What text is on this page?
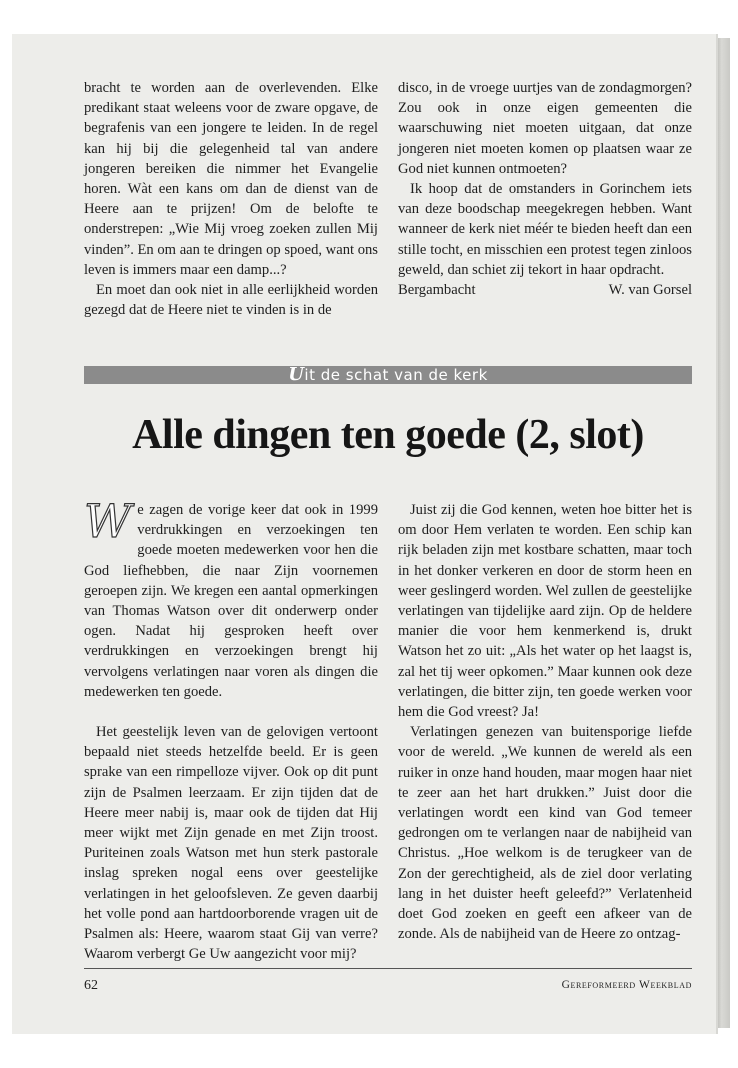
bracht te worden aan de overlevenden. Elke predikant staat weleens voor de zware opgave, de begrafenis van een jongere te leiden. In de regel kan hij bij die gelegenheid tal van andere jongeren bereiken die nimmer het Evangelie horen. Wàt een kans om dan de dienst van de Heere aan te prijzen! Om de belofte te onderstrepen: „Wie Mij vroeg zoeken zullen Mij vinden”. En om aan te dringen op spoed, want ons leven is immers maar een damp...?

En moet dan ook niet in alle eerlijkheid worden gezegd dat de Heere niet te vinden is in de

disco, in de vroege uurtjes van de zondagmorgen? Zou ook in onze eigen gemeenten die waarschuwing niet moeten uitgaan, dat onze jongeren niet moeten komen op plaatsen waar ze God niet kunnen ontmoeten?

Ik hoop dat de omstanders in Gorinchem iets van deze boodschap meegekregen hebben. Want wanneer de kerk niet méér te bieden heeft dan een stille tocht, en misschien een protest tegen zinloos geweld, dan schiet zij tekort in haar opdracht.

Bergambacht	W. van Gorsel
Uit de schat van de kerk
Alle dingen ten goede (2, slot)

We zagen de vorige keer dat ook in 1999 verdrukkingen en verzoekingen ten goede moeten medewerken voor hen die God liefhebben, die naar Zijn voornemen geroepen zijn. We kregen een aantal opmerkingen van Thomas Watson over dit onderwerp onder ogen. Nadat hij gesproken heeft over verdrukkingen en verzoekingen brengt hij vervolgens verlatingen naar voren als dingen die medewerken ten goede.

Het geestelijk leven van de gelovigen vertoont bepaald niet steeds hetzelfde beeld. Er is geen sprake van een rimpelloze vijver. Ook op dit punt zijn de Psalmen leerzaam. Er zijn tijden dat de Heere meer nabij is, maar ook de tijden dat Hij meer wijkt met Zijn genade en met Zijn troost. Puriteinen zoals Watson met hun sterk pastorale inslag spreken nogal eens over geestelijke verlatingen in het geloofsleven. Ze geven daarbij het volle pond aan hartdoorborende vragen uit de Psalmen als: Heere, waarom staat Gij van verre? Waarom verbergt Ge Uw aangezicht voor mij?

Juist zij die God kennen, weten hoe bitter het is om door Hem verlaten te worden. Een schip kan rijk beladen zijn met kostbare schatten, maar toch in het donker verkeren en door de storm heen en weer geslingerd worden. Wel zullen de geestelijke verlatingen van tijdelijke aard zijn. Op de heldere manier die voor hem kenmerkend is, drukt Watson het zo uit: „Als het water op het laagst is, zal het tij weer opkomen.” Maar kunnen ook deze verlatingen, die bitter zijn, ten goede werken voor hem die God vreest? Ja!

Verlatingen genezen van buitensporige liefde voor de wereld. „We kunnen de wereld als een ruiker in onze hand houden, maar mogen haar niet te zeer aan het hart drukken.” Juist door die verlatingen wordt een kind van God temeer gedrongen om te verlangen naar de nabijheid van Christus. „Hoe welkom is de terugkeer van de Zon der gerechtigheid, als de ziel door verlating lang in het duister heeft geleefd?” Verlatenheid doet God zoeken en geeft een afkeer van de zonde. Als de nabijheid van de Heere zo ontzag-

62	Gereformeerd Weekblad
